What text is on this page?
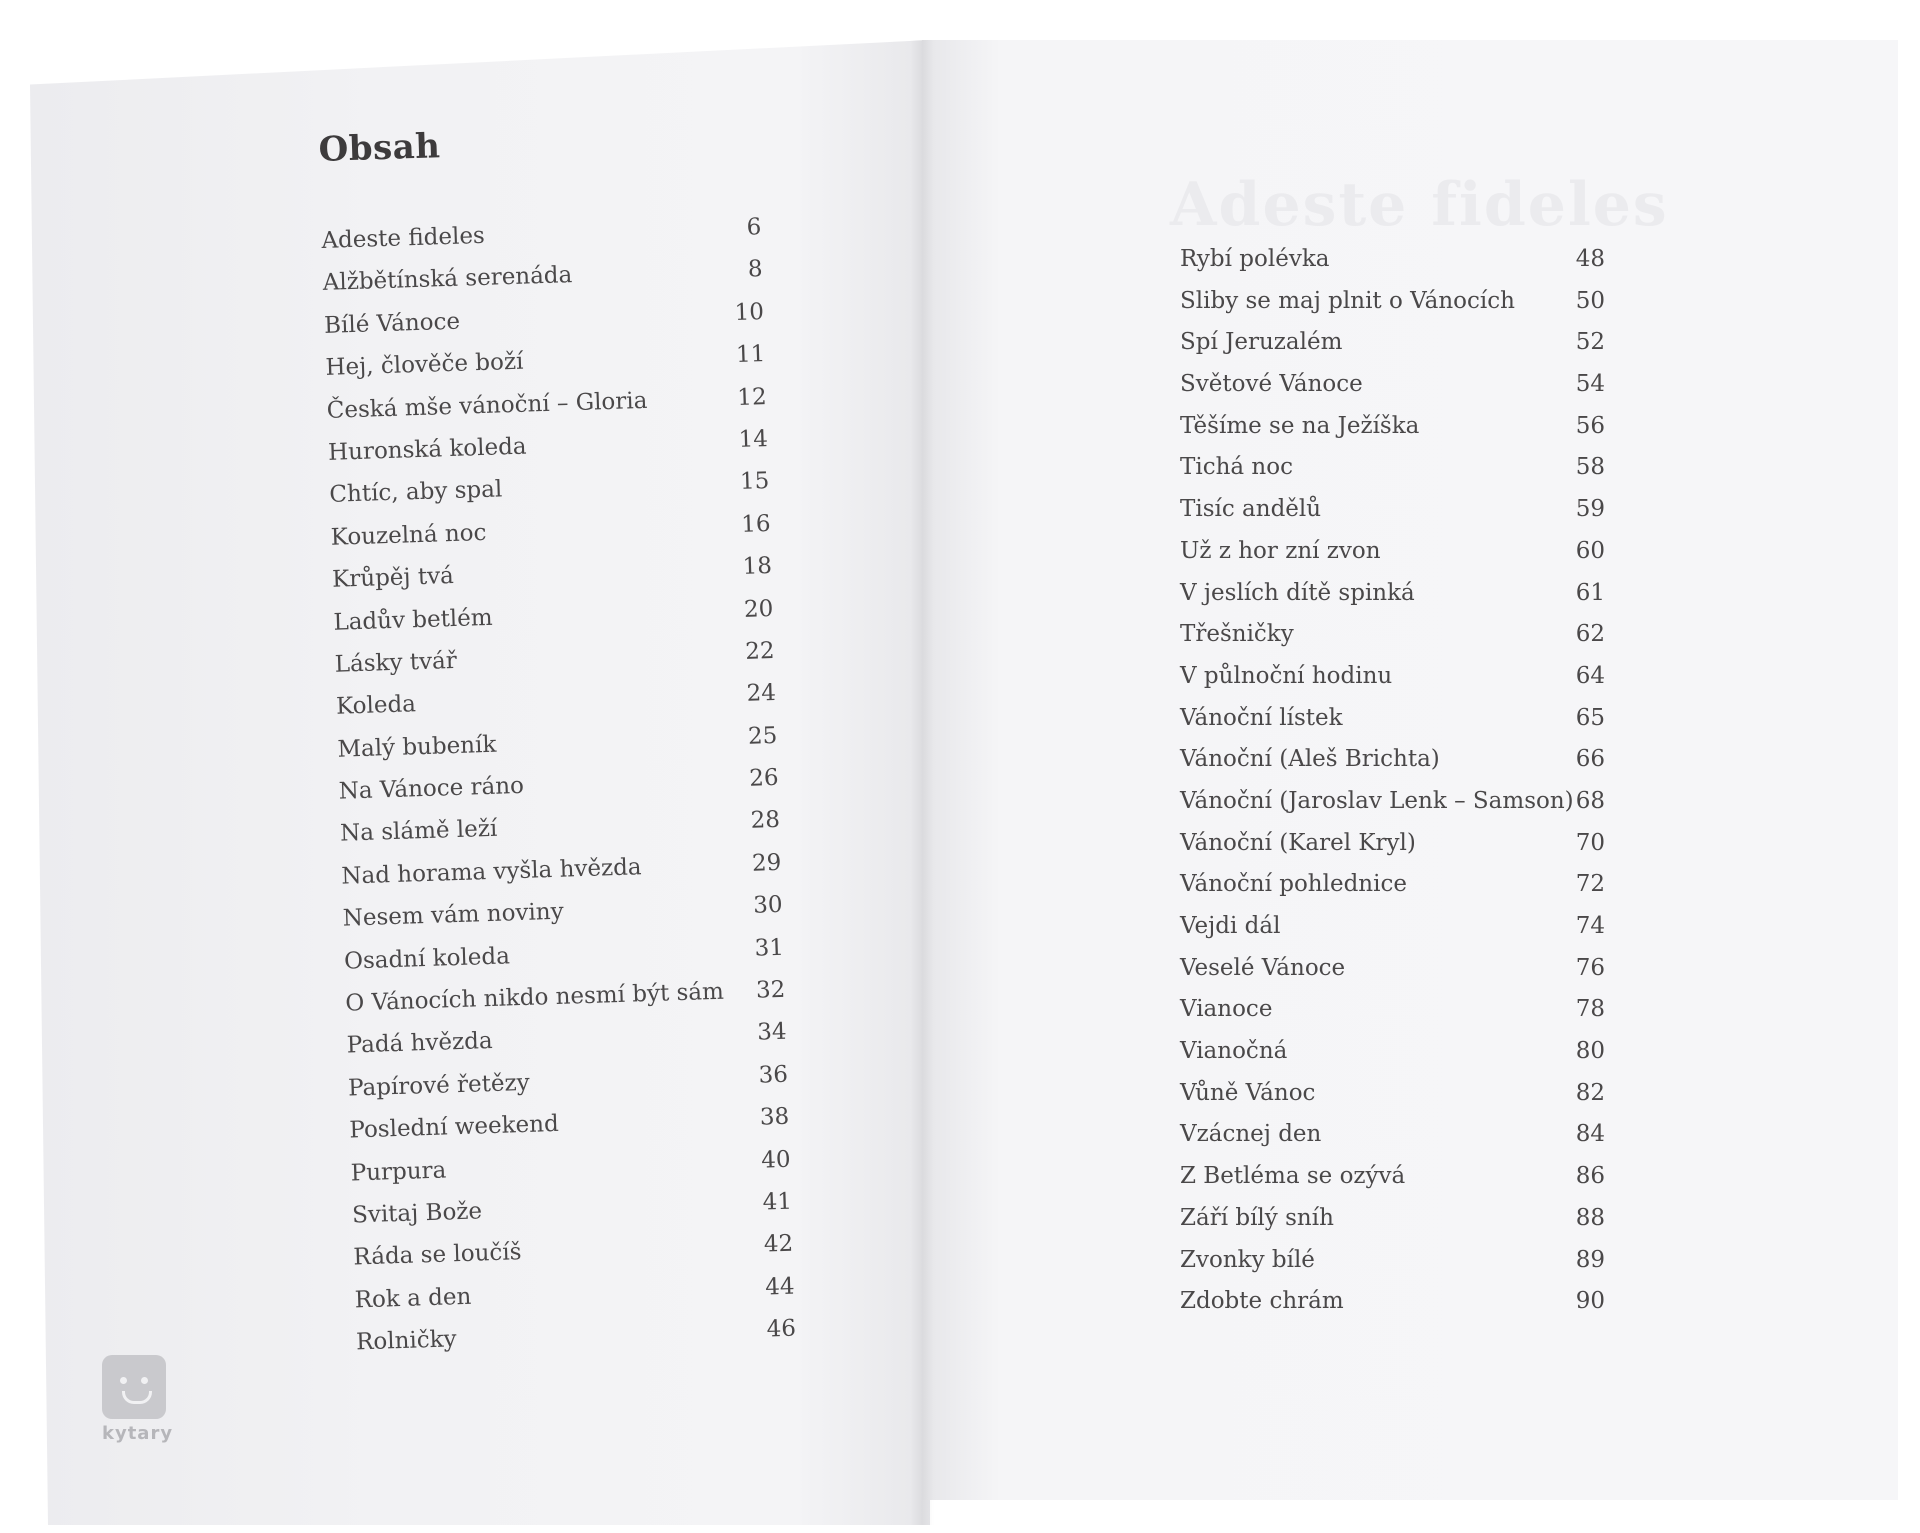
Adeste fideles
Obsah
Adeste fideles	6
Alžbětínská serenáda	8
Bílé Vánoce	10
Hej, člověče boží	11
Česká mše vánoční – Gloria	12
Huronská koleda	14
Chtíc, aby spal	15
Kouzelná noc	16
Krůpěj tvá	18
Ladův betlém	20
Lásky tvář	22
Koleda	24
Malý bubeník	25
Na Vánoce ráno	26
Na slámě leží	28
Nad horama vyšla hvězda	29
Nesem vám noviny	30
Osadní koleda	31
O Vánocích nikdo nesmí být sám 32
Padá hvězda	34
Papírové řetězy	36
Poslední weekend	38
Purpura	40
Svitaj Bože	41
Ráda se loučíš	42
Rok a den	44
Rolničky	46
Rybí polévka	48
Sliby se maj plnit o Vánocích	50
Spí Jeruzalém	52
Světové Vánoce	54
Těšíme se na Ježíška	56
Tichá noc	58
Tisíc andělů	59
Už z hor zní zvon	60
V jeslích dítě spinká	61
Třešničky	62
V půlnoční hodinu	64
Vánoční lístek	65
Vánoční (Aleš Brichta)	66
Vánoční (Jaroslav Lenk – Samson) 68
Vánoční (Karel Kryl)	70
Vánoční pohlednice	72
Vejdi dál	74
Veselé Vánoce	76
Vianoce	78
Vianočná	80
Vůně Vánoc	82
Vzácnej den	84
Z Betléma se ozývá	86
Září bílý sníh	88
Zvonky bílé	89
Zdobte chrám	90
kytary
